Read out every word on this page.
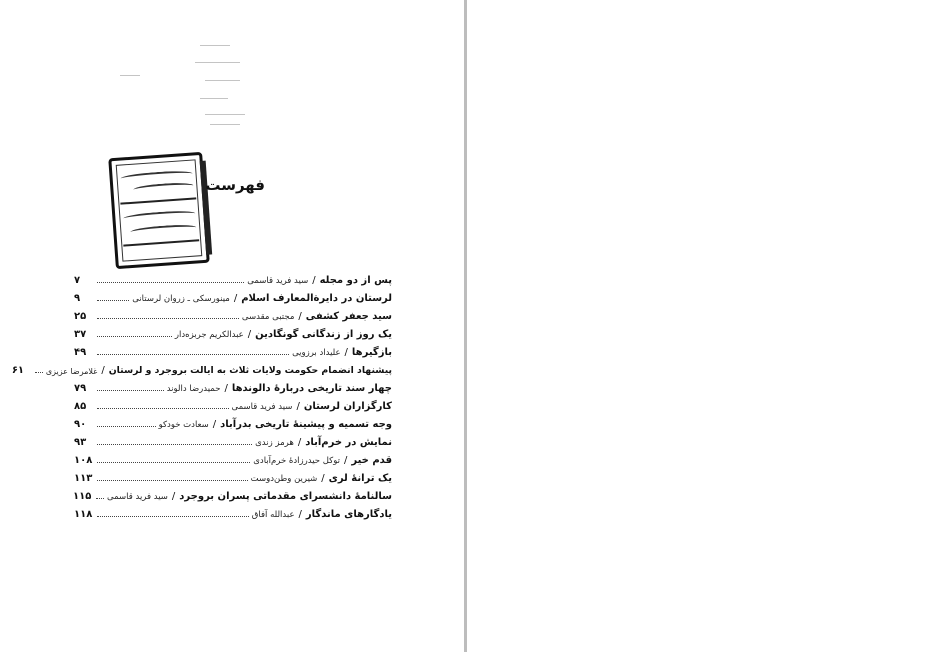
فهرست
پس از دو مجله
/
سید فرید قاسمی
۷
لرستان در دایرةالمعارف اسلام
/
مینورسکی ـ زروان لرستانی
۹
سید جعفر کشفی
/
مجتبی مقدسی
۲۵
یک روز از زندگانی گونگادین
/
عبدالکریم جربزه‌دار
۳۷
بازگیرها
/
علیداد برزویی
۴۹
پیشنهاد انضمام حکومت ولایات ثلاث به ایالت بروجرد و لرستان
/
غلامرضا عزیزی
۶۱
چهار سند تاریخی دربارهٔ دالوندها
/
حمیدرضا دالوند
۷۹
کارگزاران لرستان
/
سید فرید قاسمی
۸۵
وجه تسمیه و پیشینهٔ تاریخی بدرآباد
/
سعادت خودکو
۹۰
نمایش در خرم‌آباد
/
هرمز زندی
۹۳
قدم خیر
/
توکل حیدرزادهٔ خرم‌آبادی
۱۰۸
یک ترانهٔ لری
/
شیرین وطن‌دوست
۱۱۳
سالنامهٔ دانشسرای مقدماتی پسران بروجرد
/
سید فرید قاسمی
۱۱۵
یادگارهای ماندگار
/
عبدالله آفاق
۱۱۸
